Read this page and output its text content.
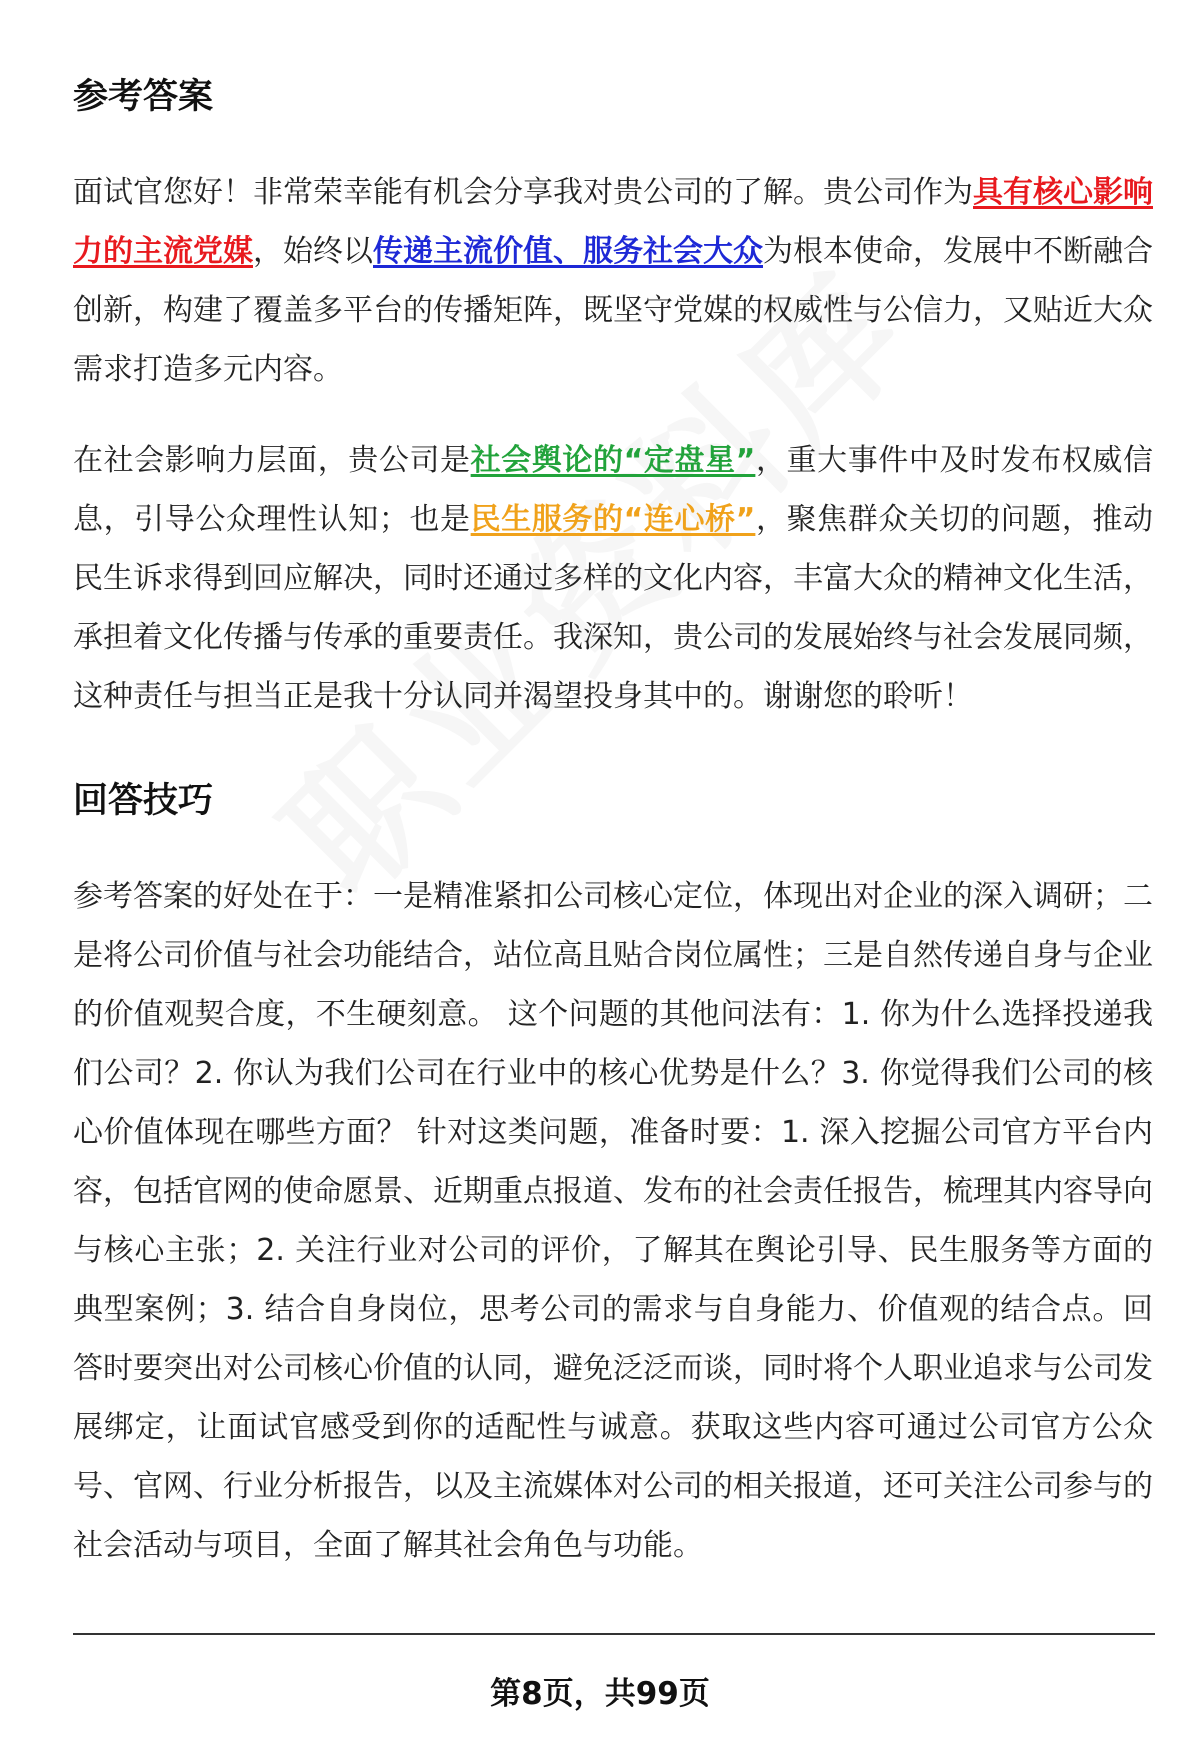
参考答案

面试官您好！非常荣幸能有机会分享我对贵公司的了解。贵公司作为具有核心影响力的主流党媒，始终以传递主流价值、服务社会大众为根本使命，发展中不断融合创新，构建了覆盖多平台的传播矩阵，既坚守党媒的权威性与公信力，又贴近大众需求打造多元内容。

在社会影响力层面，贵公司是社会舆论的“定盘星”，重大事件中及时发布权威信息，引导公众理性认知；也是民生服务的“连心桥”，聚焦群众关切的问题，推动民生诉求得到回应解决，同时还通过多样的文化内容，丰富大众的精神文化生活，承担着文化传播与传承的重要责任。我深知，贵公司的发展始终与社会发展同频，这种责任与担当正是我十分认同并渴望投身其中的。谢谢您的聆听！

回答技巧

参考答案的好处在于：一是精准紧扣公司核心定位，体现出对企业的深入调研；二是将公司价值与社会功能结合，站位高且贴合岗位属性；三是自然传递自身与企业的价值观契合度，不生硬刻意。 这个问题的其他问法有：1. 你为什么选择投递我们公司？2. 你认为我们公司在行业中的核心优势是什么？3. 你觉得我们公司的核心价值体现在哪些方面？ 针对这类问题，准备时要：1. 深入挖掘公司官方平台内容，包括官网的使命愿景、近期重点报道、发布的社会责任报告，梳理其内容导向与核心主张；2. 关注行业对公司的评价，了解其在舆论引导、民生服务等方面的典型案例；3. 结合自身岗位，思考公司的需求与自身能力、价值观的结合点。回答时要突出对公司核心价值的认同，避免泛泛而谈，同时将个人职业追求与公司发展绑定，让面试官感受到你的适配性与诚意。获取这些内容可通过公司官方公众号、官网、行业分析报告，以及主流媒体对公司的相关报道，还可关注公司参与的社会活动与项目，全面了解其社会角色与功能。

第8页，共99页
